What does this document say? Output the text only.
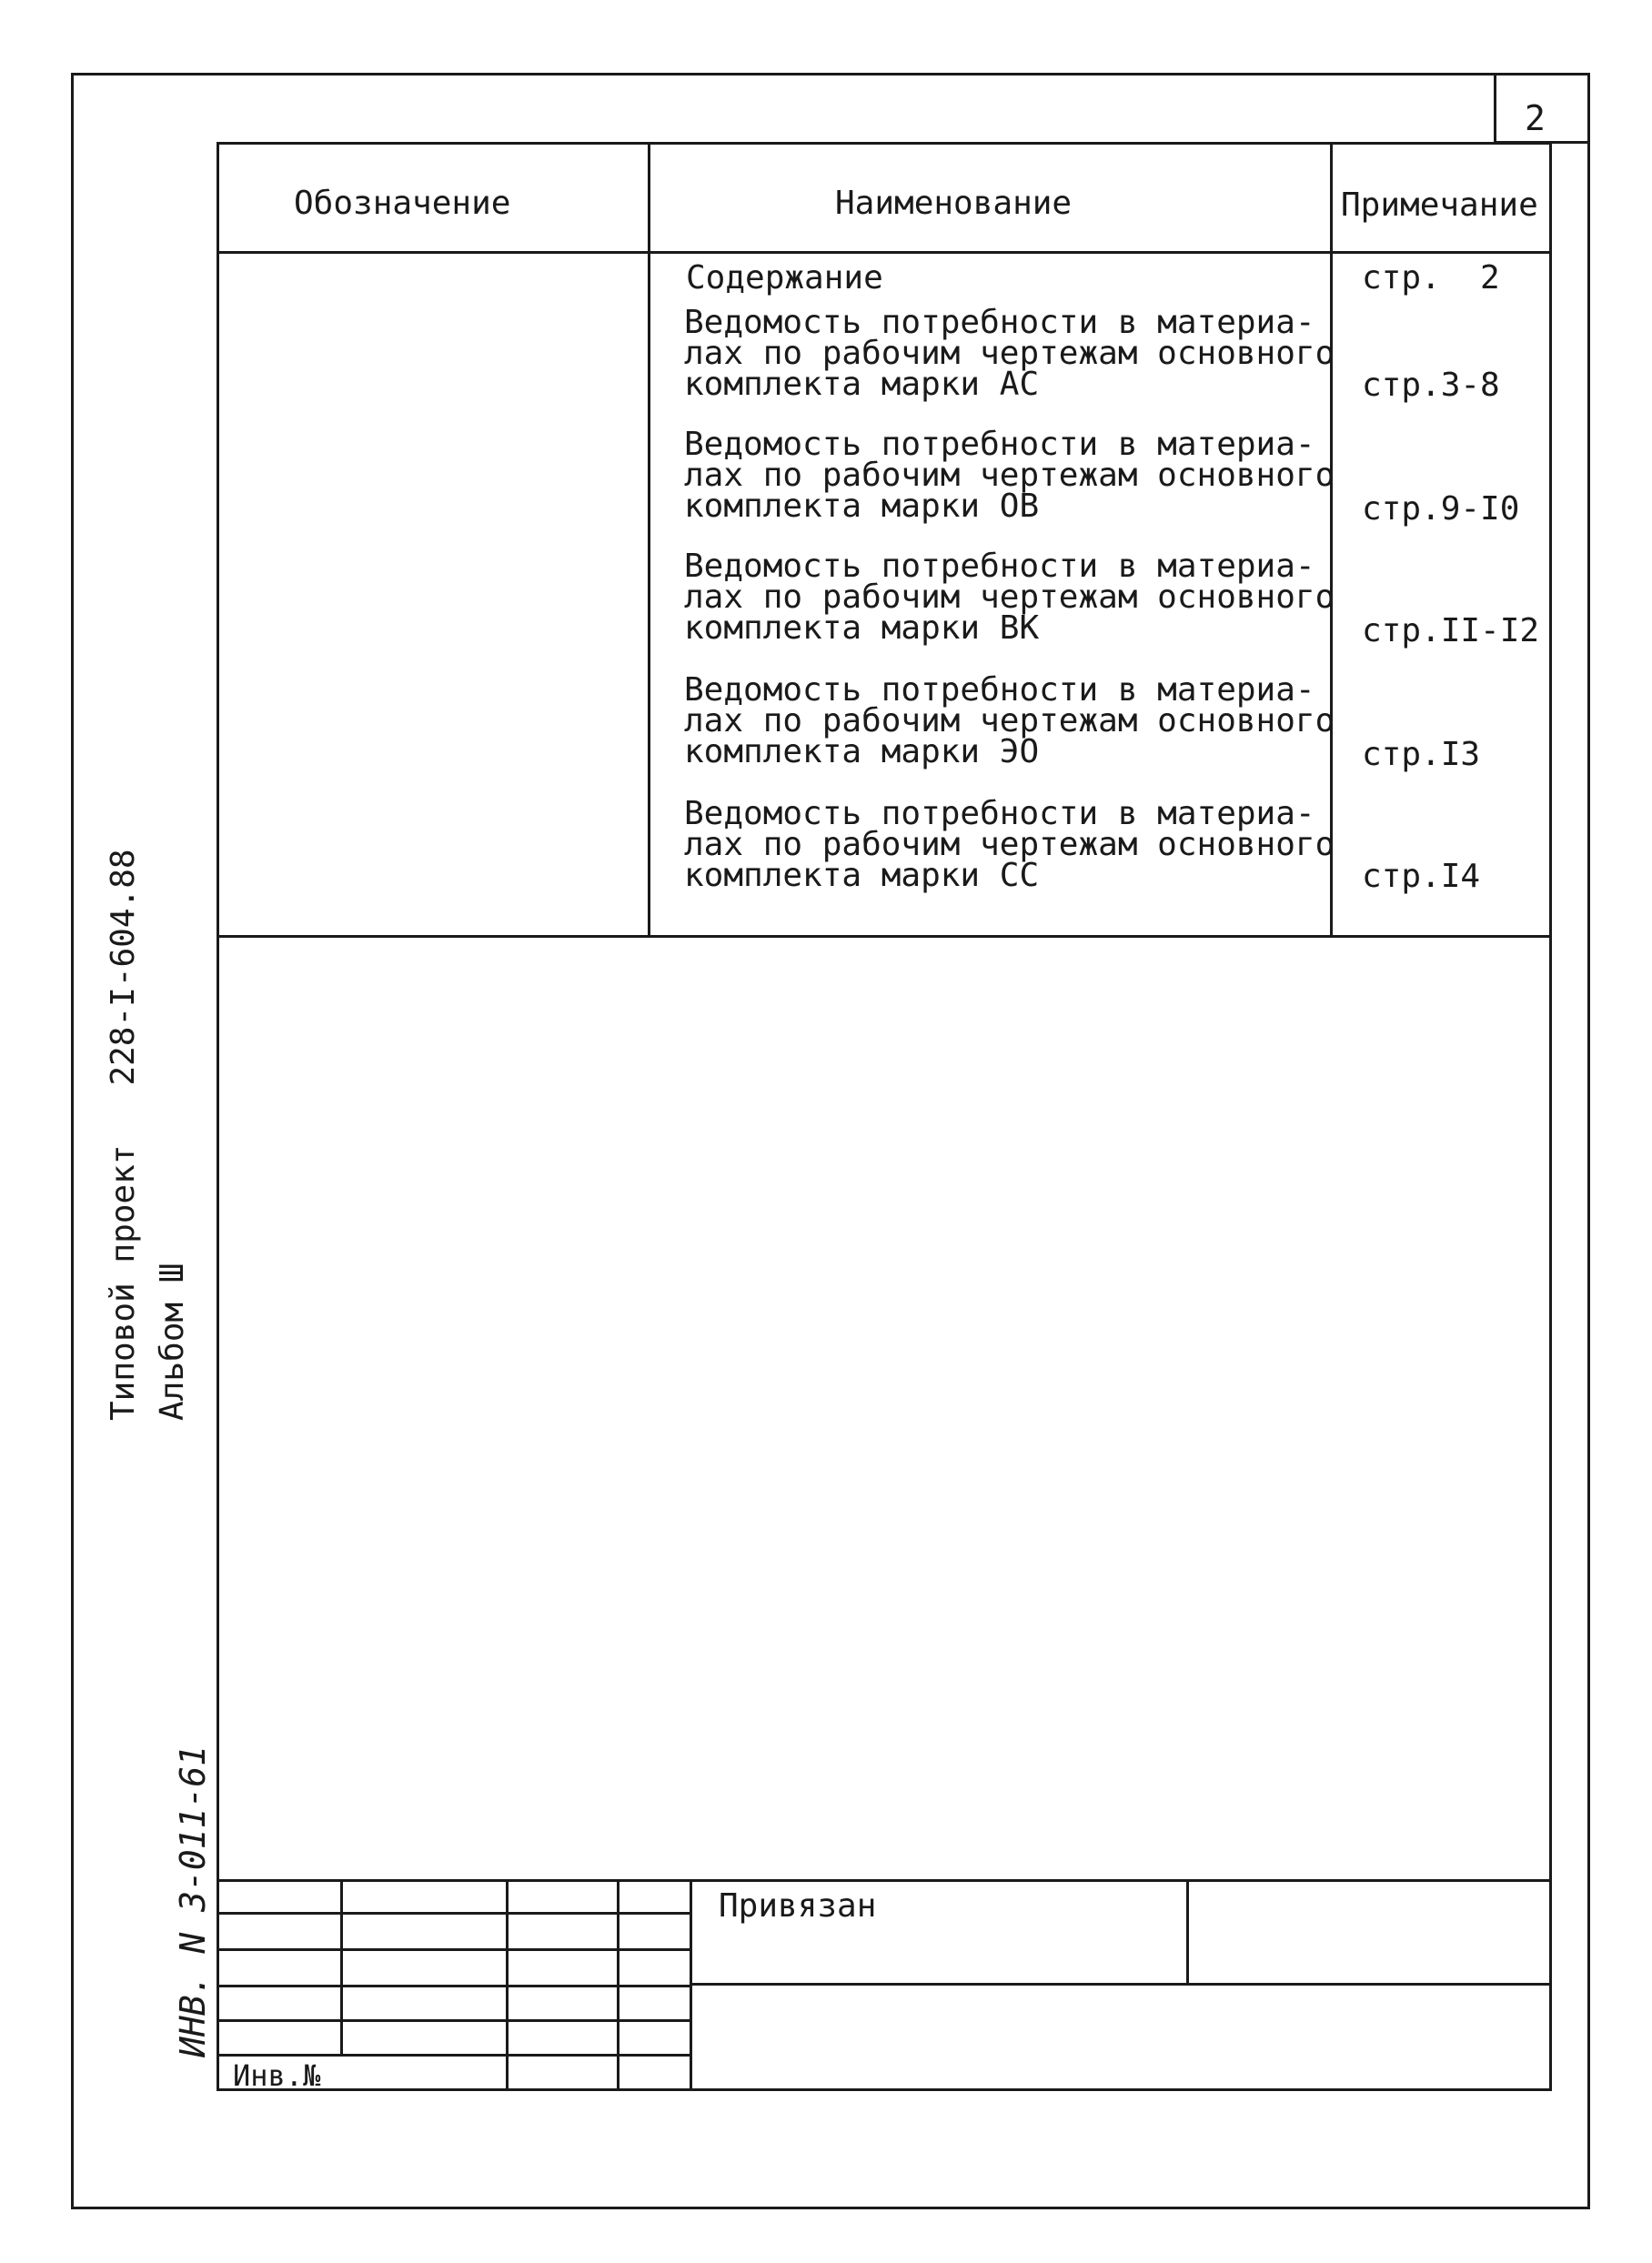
2
Обозначение	Наименование	Примечание
Содержание	стр.  2
Ведомость потребности в материа-
лах по рабочим чертежам основного
комплекта марки АС	стр.3-8
Ведомость потребности в материа-
лах по рабочим чертежам основного
комплекта марки ОВ	стр.9-I0
Ведомость потребности в материа-
лах по рабочим чертежам основного
комплекта марки ВК	стр.II-I2
Ведомость потребности в материа-
лах по рабочим чертежам основного
комплекта марки ЭО	стр.I3
Ведомость потребности в материа-
лах по рабочим чертежам основного
комплекта марки СС	стр.I4
Типовой проект   228-I-604.88 Альбом Ш
ИНВ. N 3-011-61	Привязан
Инв.№
